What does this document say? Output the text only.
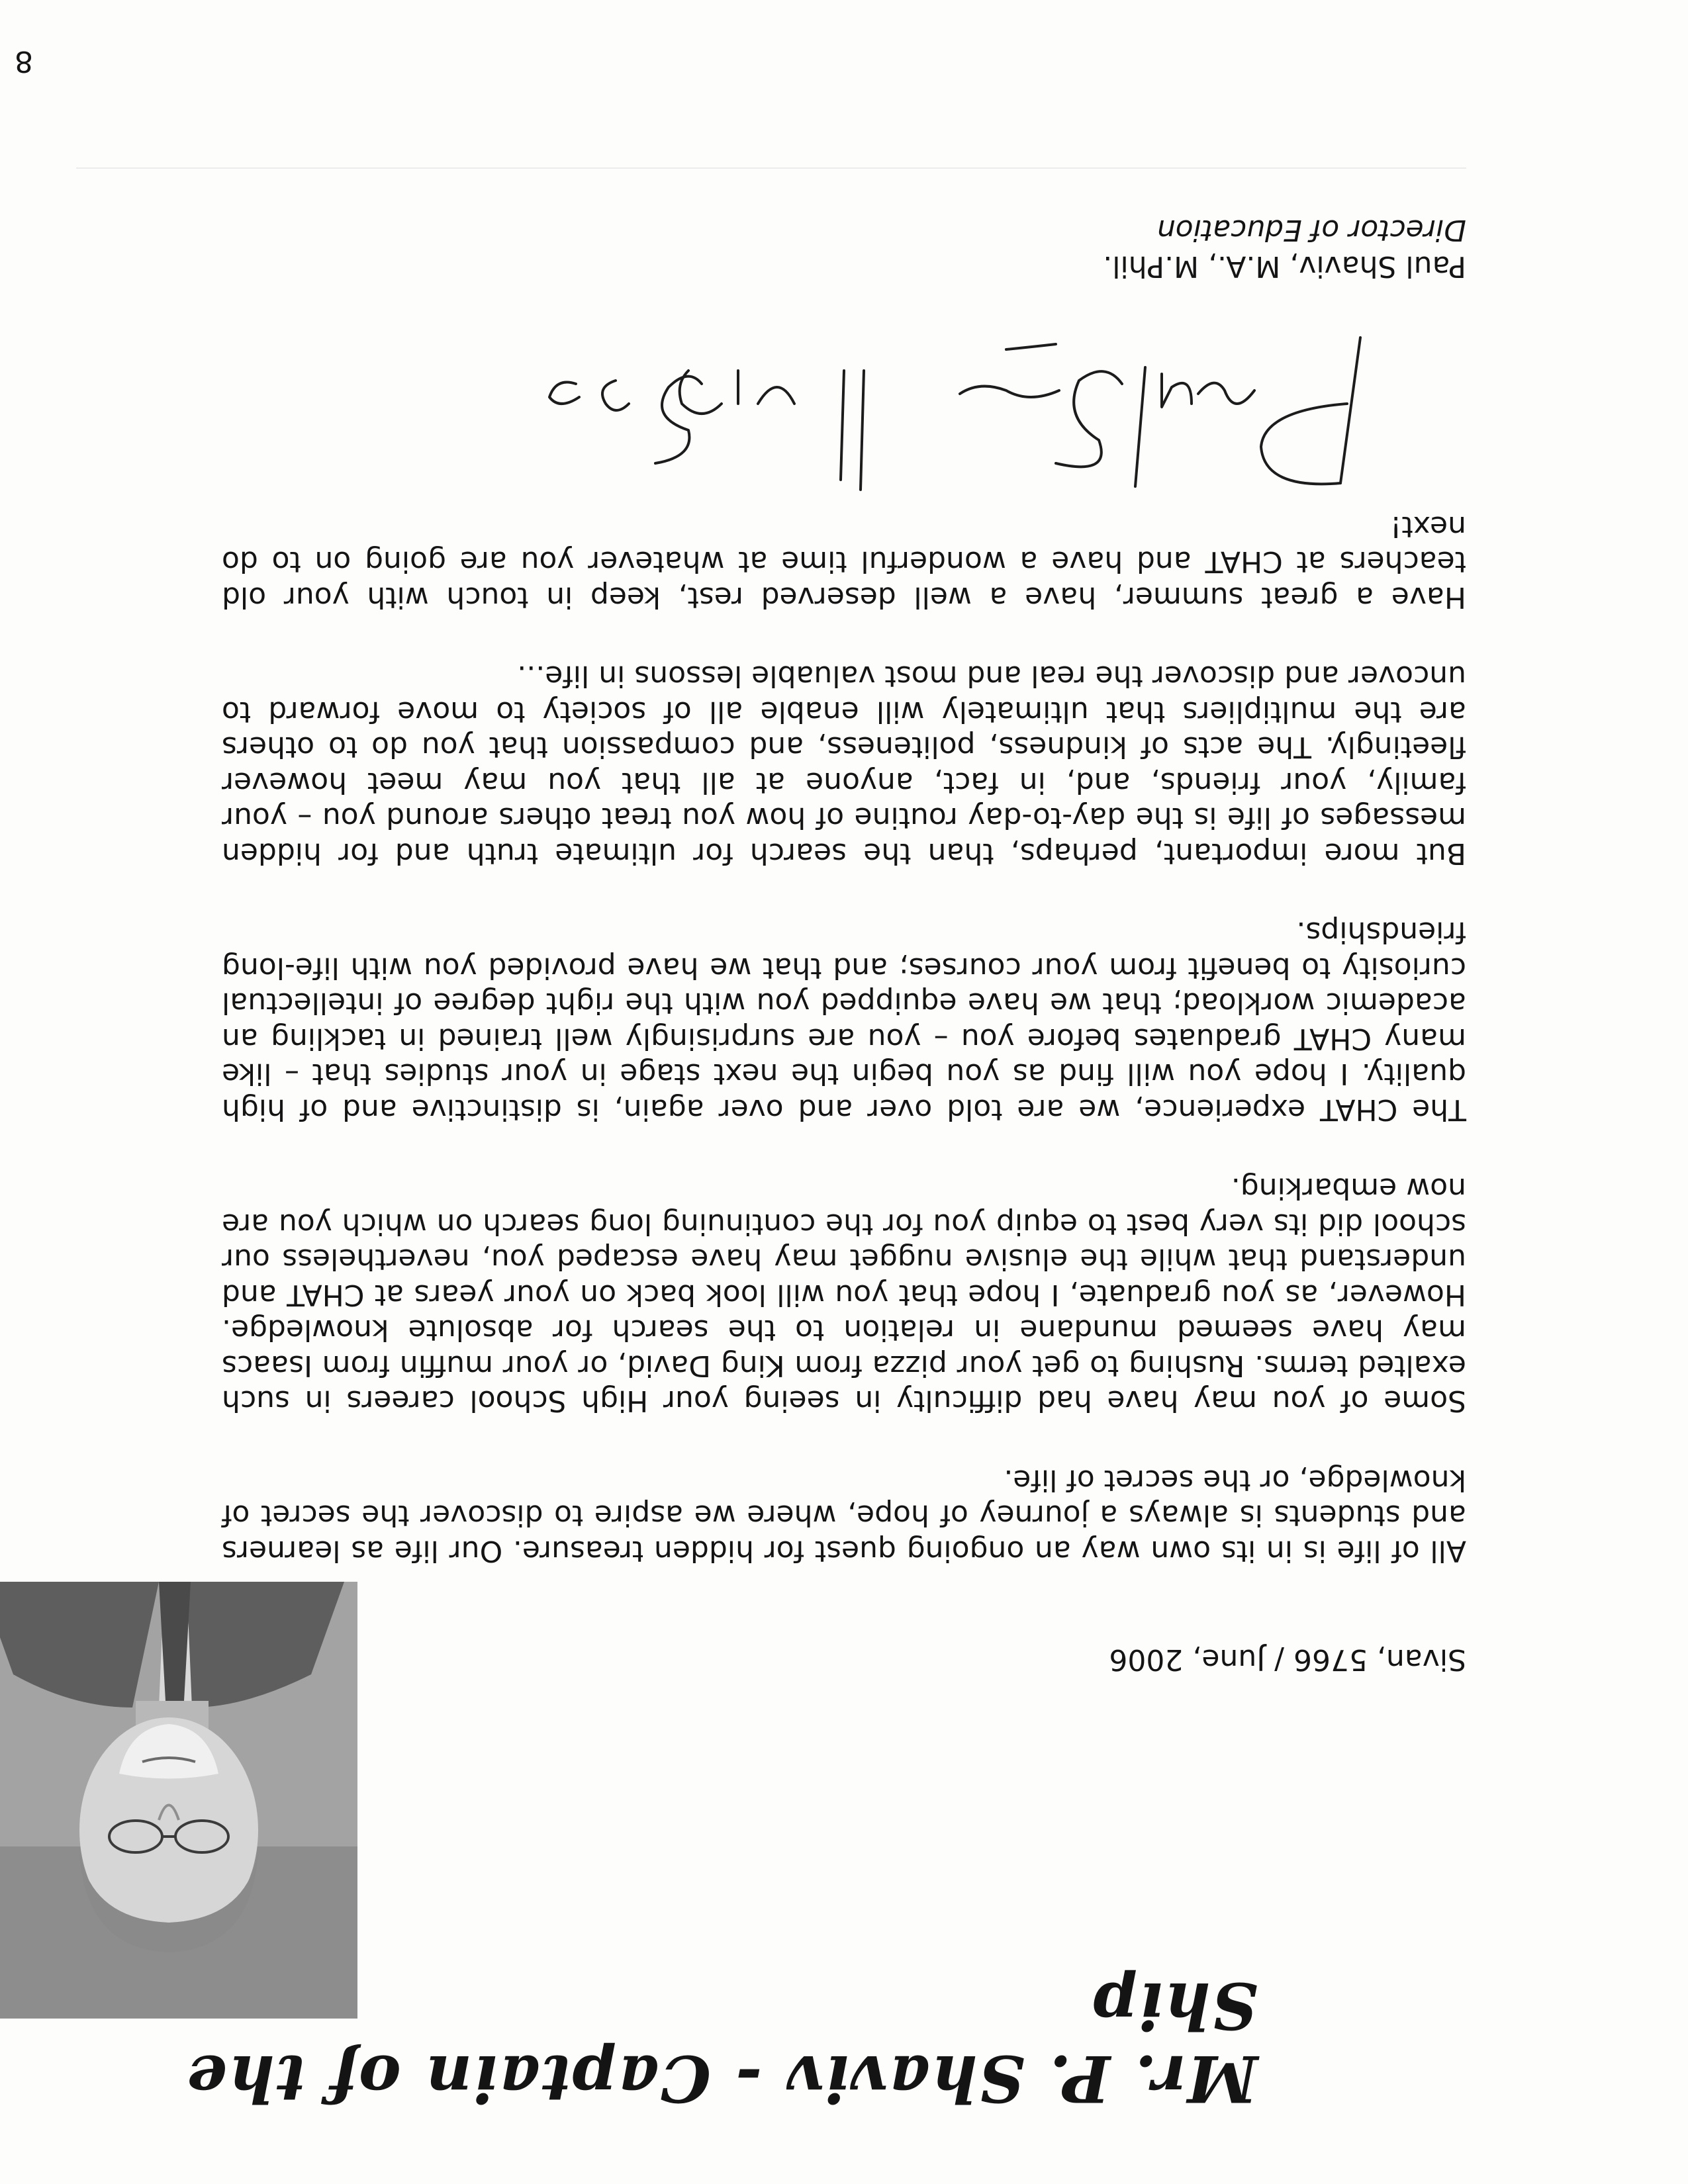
Mr. P. Shaviv - Captain of the Ship
Sivan, 5766 / June, 2006

All of life is in its own way an ongoing quest for hidden treasure. Our life as learners and students is always a journey of hope, where we aspire to discover the secret of knowledge, or the secret of life.

Some of you may have had difficulty in seeing your High School careers in such exalted terms. Rushing to get your pizza from King David, or your muffin from Isaacs may have seemed mundane in relation to the search for absolute knowledge. However, as you graduate, I hope that you will look back on your years at CHAT and understand that while the elusive nugget may have escaped you, nevertheless our school did its very best to equip you for the continuing long search on which you are now embarking.

The CHAT experience, we are told over and over again, is distinctive and of high quality. I hope you will find as you begin the next stage in your studies that – like many CHAT graduates before you – you are surprisingly well trained in tackling an academic workload; that we have equipped you with the right degree of intellectual curiosity to benefit from your courses; and that we have provided you with life-long friendships.

But more important, perhaps, than the search for ultimate truth and for hidden messages of life is the day-to-day routine of how you treat others around you – your family, your friends, and, in fact, anyone at all that you may meet however fleetingly. The acts of kindness, politeness, and compassion that you do to others are the multipliers that ultimately will enable all of society to move forward to uncover and discover the real and most valuable lessons in life...

Have a great summer, have a well deserved rest, keep in touch with your old teachers at CHAT and have a wonderful time at whatever you are going on to do next!

Paul Shaviv, M.A., M.Phil.
Director of Education
8
